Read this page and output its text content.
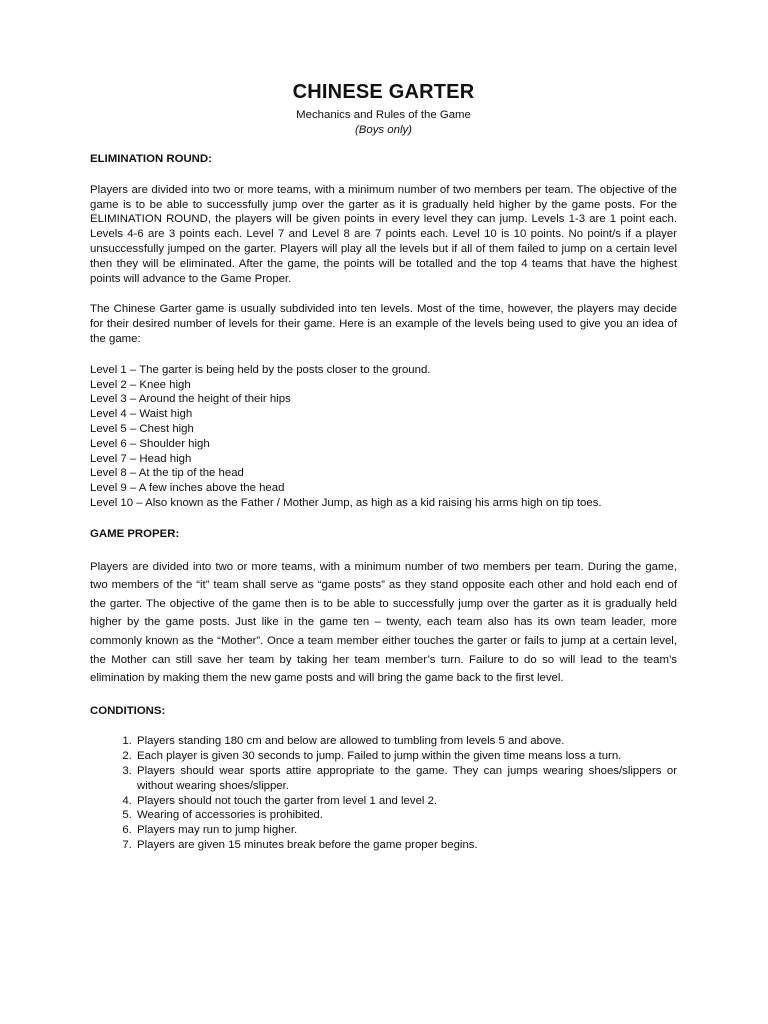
CHINESE GARTER
Mechanics and Rules of the Game
(Boys only)
ELIMINATION ROUND:

Players are divided into two or more teams, with a minimum number of two members per team. The objective of the game is to be able to successfully jump over the garter as it is gradually held higher by the game posts. For the ELIMINATION ROUND, the players will be given points in every level they can jump. Levels 1-3 are 1 point each. Levels 4-6 are 3 points each. Level 7 and Level 8 are 7 points each. Level 10 is 10 points. No point/s if a player unsuccessfully jumped on the garter. Players will play all the levels but if all of them failed to jump on a certain level then they will be eliminated. After the game, the points will be totalled and the top 4 teams that have the highest points will advance to the Game Proper.

The Chinese Garter game is usually subdivided into ten levels. Most of the time, however, the players may decide for their desired number of levels for their game. Here is an example of the levels being used to give you an idea of the game:

Level 1 – The garter is being held by the posts closer to the ground.
Level 2 – Knee high
Level 3 – Around the height of their hips
Level 4 – Waist high
Level 5 – Chest high
Level 6 – Shoulder high
Level 7 – Head high
Level 8 – At the tip of the head
Level 9 – A few inches above the head
Level 10 – Also known as the Father / Mother Jump, as high as a kid raising his arms high on tip toes.
GAME PROPER:

Players are divided into two or more teams, with a minimum number of two members per team. During the game, two members of the “it” team shall serve as “game posts” as they stand opposite each other and hold each end of the garter. The objective of the game then is to be able to successfully jump over the garter as it is gradually held higher by the game posts. Just like in the game ten – twenty, each team also has its own team leader, more commonly known as the “Mother”. Once a team member either touches the garter or fails to jump at a certain level, the Mother can still save her team by taking her team member’s turn. Failure to do so will lead to the team’s elimination by making them the new game posts and will bring the game back to the first level.

CONDITIONS:
1. Players standing 180 cm and below are allowed to tumbling from levels 5 and above.
2. Each player is given 30 seconds to jump. Failed to jump within the given time means loss a turn.
3. Players should wear sports attire appropriate to the game. They can jumps wearing shoes/slippers or without wearing shoes/slipper.
4. Players should not touch the garter from level 1 and level 2.
5. Wearing of accessories is prohibited.
6. Players may run to jump higher.
7. Players are given 15 minutes break before the game proper begins.
